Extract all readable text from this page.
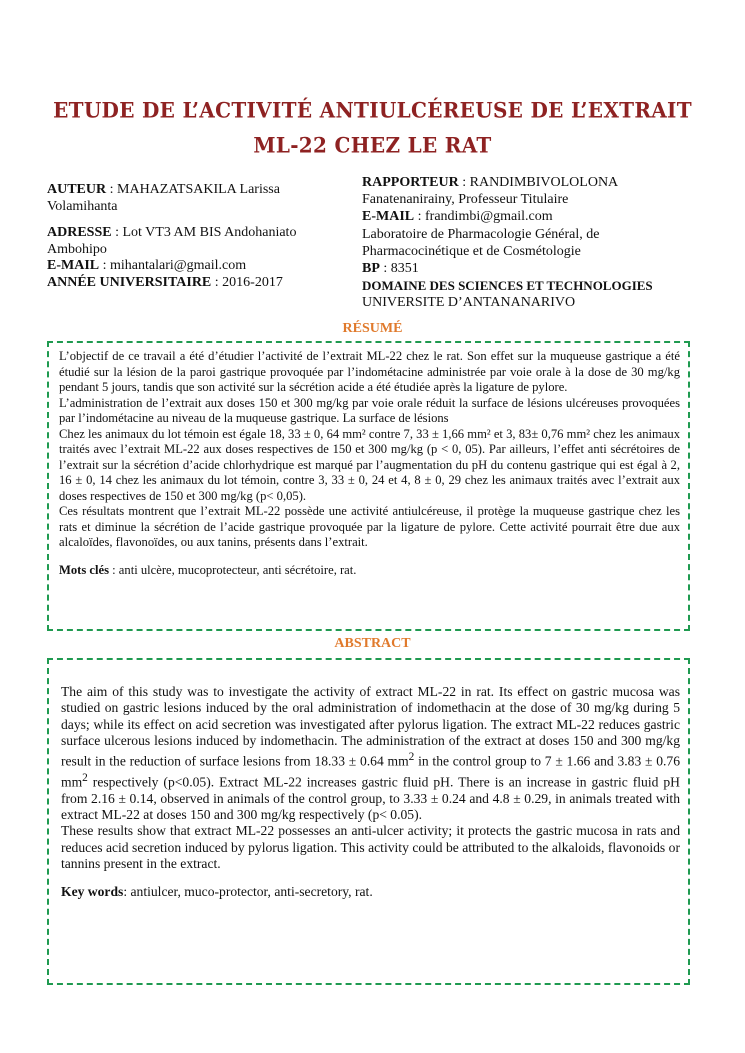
ETUDE DE L’ACTIVITÉ ANTIULCÉREUSE DE L’EXTRAIT
ML-22 CHEZ LE RAT
AUTEUR : MAHAZATSAKILA Larissa Volamihanta
ADRESSE : Lot VT3 AM BIS Andohaniato Ambohipo
E-MAIL : mihantalari@gmail.com
ANNÉE UNIVERSITAIRE : 2016-2017
RAPPORTEUR : RANDIMBIVOLOLONA Fanatenanirainy, Professeur Titulaire
E-MAIL : frandimbi@gmail.com
Laboratoire de Pharmacologie Général, de Pharmacocinétique et de Cosmétologie
BP : 8351
DOMAINE DES SCIENCES ET TECHNOLOGIES
UNIVERSITE D’ANTANANARIVO
RÉSUMÉ

L’objectif de ce travail a été d’étudier l’activité de l’extrait ML-22 chez le rat. Son effet sur la muqueuse gastrique a été étudié sur la lésion de la paroi gastrique provoquée par l’indométacine administrée par voie orale à la dose de 30 mg/kg pendant 5 jours, tandis que son activité sur la sécrétion acide a été étudiée après la ligature de pylore.

L’administration de l’extrait aux doses 150 et 300 mg/kg par voie orale réduit la surface de lésions ulcéreuses provoquées par l’indométacine au niveau de la muqueuse gastrique. La surface de lésions

Chez les animaux du lot témoin est égale 18, 33 ± 0, 64 mm² contre 7, 33 ± 1,66 mm² et 3, 83± 0,76 mm² chez les animaux traités avec l’extrait ML-22 aux doses respectives de 150 et 300 mg/kg (p ˂ 0, 05). Par ailleurs, l’effet anti sécrétoires de l’extrait sur la sécrétion d’acide chlorhydrique est marqué par l’augmentation du pH du contenu gastrique qui est égal à 2, 16 ± 0, 14 chez les animaux du lot témoin, contre 3, 33 ± 0, 24 et 4, 8 ± 0, 29 chez les animaux traités avec l’extrait aux doses respectives de 150 et 300 mg/kg (p< 0,05).

Ces résultats montrent que l’extrait ML-22 possède une activité antiulcéreuse, il protège la muqueuse gastrique chez les rats et diminue la sécrétion de l’acide gastrique provoquée par la ligature de pylore. Cette activité pourrait être due aux alcaloïdes, flavonoïdes, ou aux tanins, présents dans l’extrait.

Mots clés : anti ulcère, mucoprotecteur, anti sécrétoire, rat.

ABSTRACT

The aim of this study was to investigate the activity of extract ML-22 in rat. Its effect on gastric mucosa was studied on gastric lesions induced by the oral administration of indomethacin at the dose of 30 mg/kg during 5 days; while its effect on acid secretion was investigated after pylorus ligation. The extract ML-22 reduces gastric surface ulcerous lesions induced by indomethacin. The administration of the extract at doses 150 and 300 mg/kg result in the reduction of surface lesions from 18.33 ± 0.64 $mm^2$ in the control group to 7 ± 1.66 and 3.83 ± 0.76 $mm^2$ respectively (p<0.05). Extract ML-22 increases gastric fluid pH. There is an increase in gastric fluid pH from 2.16 ± 0.14, observed in animals of the control group, to 3.33 ± 0.24 and 4.8 ± 0.29, in animals treated with extract ML-22 at doses 150 and 300 mg/kg respectively (p< 0.05).

These results show that extract ML-22 possesses an anti-ulcer activity; it protects the gastric mucosa in rats and reduces acid secretion induced by pylorus ligation. This activity could be attributed to the alkaloids, flavonoids or tannins present in the extract.

Key words: antiulcer, muco-protector, anti-secretory, rat.
